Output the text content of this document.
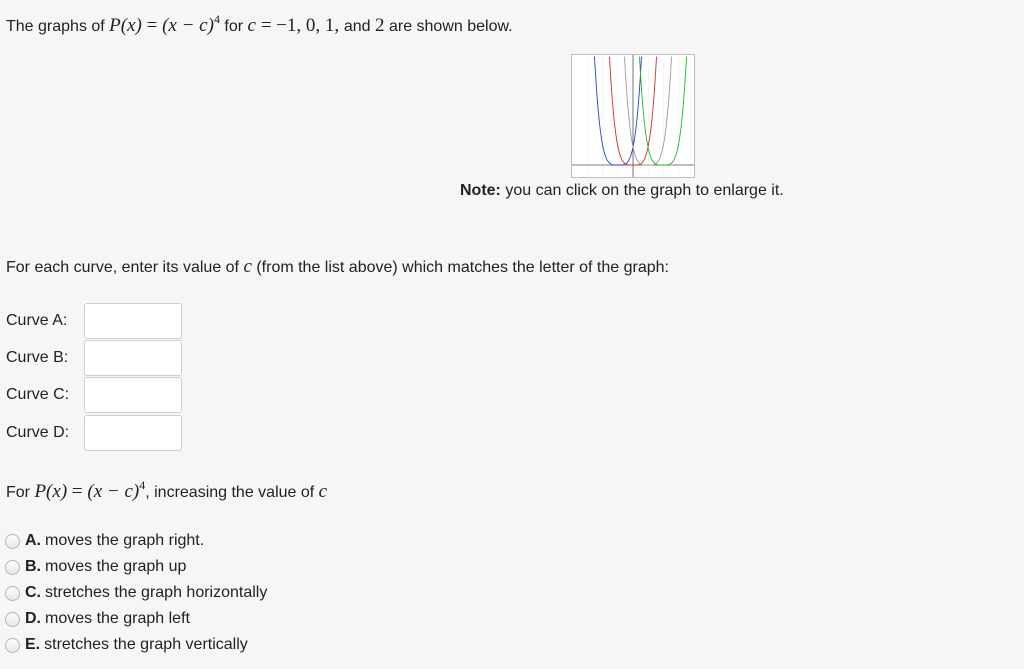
The graphs of $P(x) = (x - c)^4$ for c = −1, 0, 1, and 2 are shown below.
Note: you can click on the graph to enlarge it.
For each curve, enter its value of c (from the list above) which matches the letter of the graph:
Curve A:
Curve B:
Curve C:
Curve D:
For $P(x) = (x - c)^4$, increasing the value of c
A. moves the graph right.
B. moves the graph up
C. stretches the graph horizontally
D. moves the graph left
E. stretches the graph vertically
